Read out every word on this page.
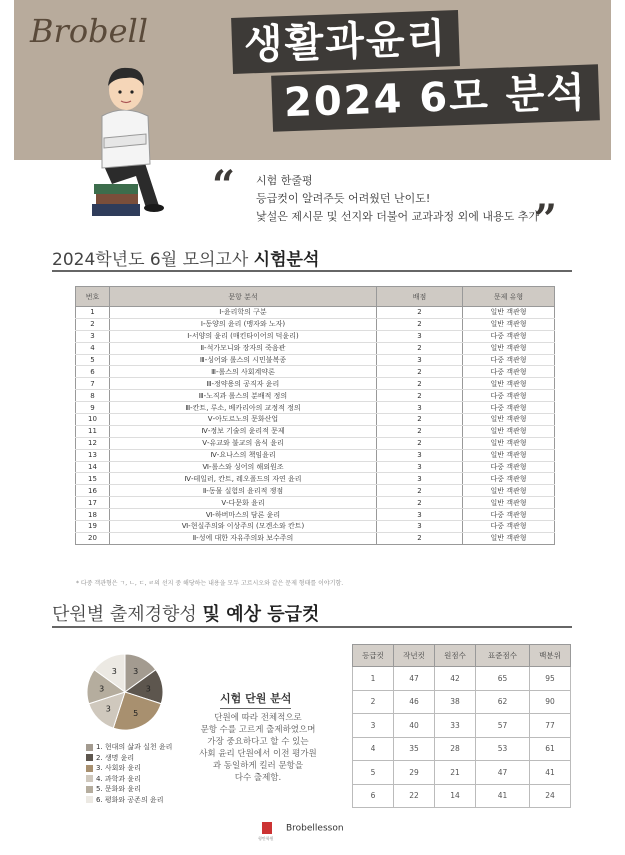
Brobell	생활과윤리
2024 6모 분석
“
”
시험 한줄평
등급컷이 알려주듯 어려웠던 난이도!
낯설은 제시문 및 선지와 더불어 교과과정 외에 내용도 추가
2024학년도 6월 모의고사 시험분석
번호	문항 분석	배점	문제 유형
1	Ⅰ-윤리학의 구분	2	일반 객관형
2	Ⅰ-동양의 윤리 (맹자와 노자)	2	일반 객관형
3	Ⅰ-서양의 윤리 (매킨타이어의 덕윤리)	3	다중 객관형
4	Ⅱ-석가모니와 장자의 죽음관	2	일반 객관형
5	Ⅲ-싱어와 롤스의 시민불복종	3	다중 객관형
6	Ⅲ-롤스의 사회계약론	2	다중 객관형
7	Ⅲ-정약용의 공직자 윤리	2	일반 객관형
8	Ⅲ-노직과 롤스의 분배적 정의	2	다중 객관형
9	Ⅲ-칸트, 루소, 베카리아의 교정적 정의	3	다중 객관형
10	Ⅴ-아도르노의 문화산업	2	일반 객관형
11	Ⅳ-정보 기술의 윤리적 문제	2	일반 객관형
12	Ⅴ-유교와 불교의 음식 윤리	2	일반 객관형
13	Ⅳ-요나스의 책임윤리	3	일반 객관형
14	Ⅵ-롤스와 싱어의 해외원조	3	다중 객관형
15	Ⅳ-테일러, 칸트, 레오폴드의 자연 윤리	3	다중 객관형
16	Ⅱ-동물 실험의 윤리적 쟁점	2	일반 객관형
17	Ⅴ-다문화 윤리	2	일반 객관형
18	Ⅵ-하버마스의 담론 윤리	3	다중 객관형
19	Ⅵ-현실주의와 이상주의 (모겐소와 칸트)	3	다중 객관형
20	Ⅱ-성에 대한 자유주의와 보수주의	2	일반 객관형
* 다중 객관형은 ㄱ, ㄴ, ㄷ, ㄹ의 선지 중 해당하는 내용을 모두 고르시오와 같은 문제 형태를 이야기함.
단원별 출제경향성 및 예상 등급컷
3
3
5
3
3
3
1. 현대의 삶과 실천 윤리
2. 생명 윤리
3. 사회와 윤리
4. 과학과 윤리
5. 문화와 윤리
6. 평화와 공존의 윤리
시험 단원 분석
단원에 따라 전체적으로
문항 수를 고르게 출제하였으며
가장 중요하다고 할 수 있는
사회 윤리 단원에서 이전 평가원
과 동일하게 킬러 문항을
다수 출제함.
등급컷	작년컷	원점수	표준점수	백분위
1	47	42	65	95
2	46	38	62	90
3	40	33	57	77
4	35	28	53	61
5	29	21	47	41
6	22	14	41	24
형만학원
Brobellesson
